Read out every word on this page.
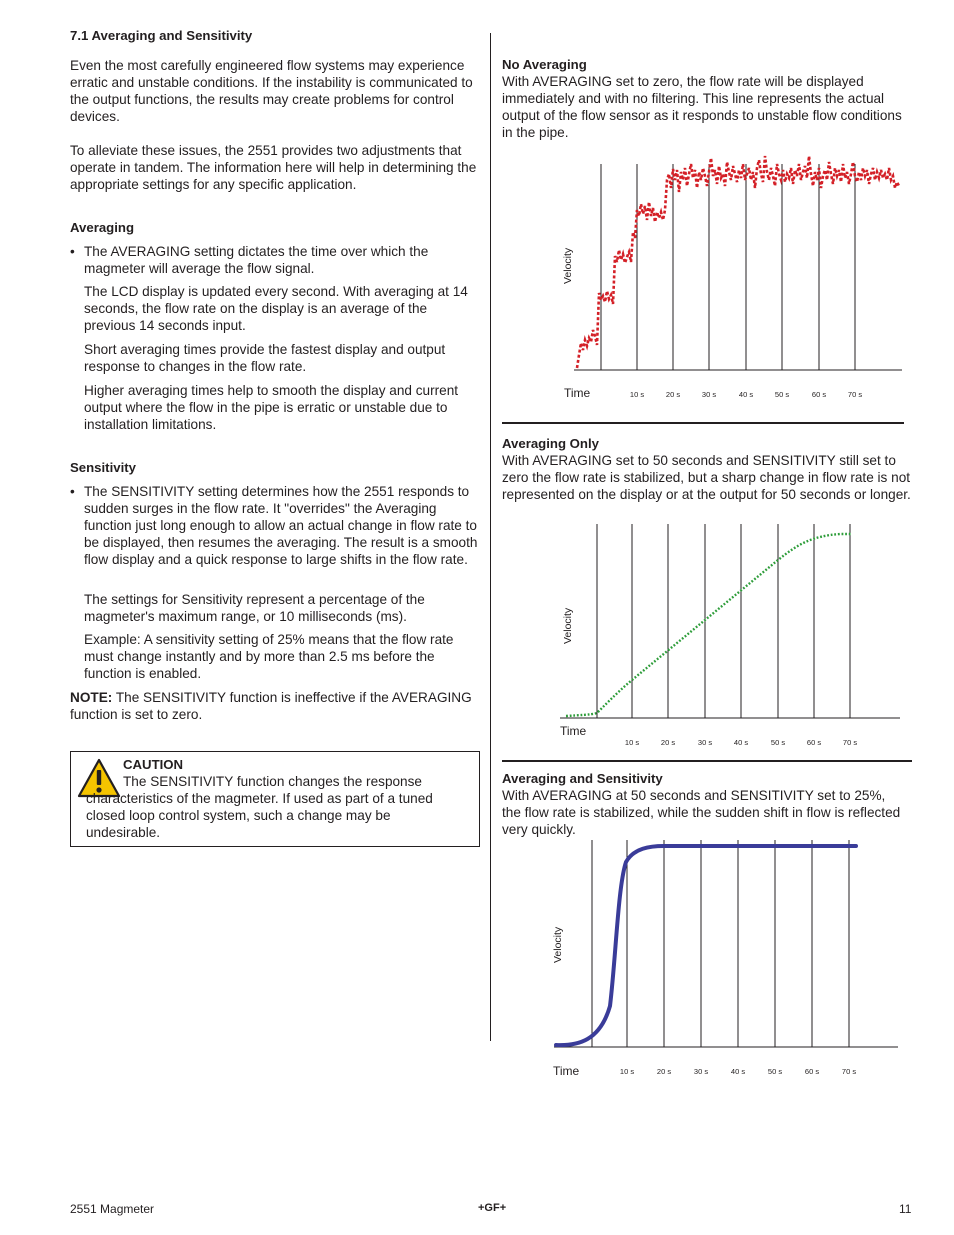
7.1 Averaging and Sensitivity
Even the most carefully engineered flow systems may experience erratic and unstable conditions. If the instability is communicated to the output functions, the results may create problems for control devices.
To alleviate these issues, the 2551 provides two adjustments that operate in tandem. The information here will help in determining the appropriate settings for any specific application.
Averaging
• The AVERAGING setting dictates the time over which the magmeter will average the flow signal.
The LCD display is updated every second. With averaging at 14 seconds, the flow rate on the display is an average of the previous 14 seconds input.
Short averaging times provide the fastest display and output response to changes in the flow rate.
Higher averaging times help to smooth the display and current output where the flow in the pipe is erratic or unstable due to installation limitations.
Sensitivity
• The SENSITIVITY setting determines how the 2551 responds to sudden surges in the flow rate. It "overrides" the Averaging function just long enough to allow an actual change in flow rate to be displayed, then resumes the averaging. The result is a smooth flow display and a quick response to large shifts in the flow rate.
The settings for Sensitivity represent a percentage of the magmeter's maximum range, or 10 milliseconds (ms).
Example: A sensitivity setting of 25% means that the flow rate must change instantly and by more than 2.5 ms before the function is enabled.
NOTE: The SENSITIVITY function is ineffective if the AVERAGING function is set to zero.
CAUTION
The SENSITIVITY function changes the response characteristics of the magmeter. If used as part of a tuned closed loop control system, such a change may be undesirable.
No Averaging
With AVERAGING set to zero, the flow rate will be displayed immediately and with no filtering. This line represents the actual output of the flow sensor as it responds to unstable flow conditions in the pipe.
Velocity
Time	10 s	20 s	30 s	40 s	50 s	60 s	70 s
Averaging Only
With AVERAGING set to 50 seconds and SENSITIVITY still set to zero the flow rate is stabilized, but a sharp change in flow rate is not represented on the display or at the output for 50 seconds or longer.
Velocity
Time
10 s	20 s	30 s	40 s	50 s	60 s	70 s
Averaging and Sensitivity
With AVERAGING at 50 seconds and SENSITIVITY set to 25%, the flow rate is stabilized, while the sudden shift in flow is reflected very quickly.
Velocity
Time	10 s	20 s	30 s	40 s	50 s	60 s	70 s
2551 Magmeter	+GF+	11
